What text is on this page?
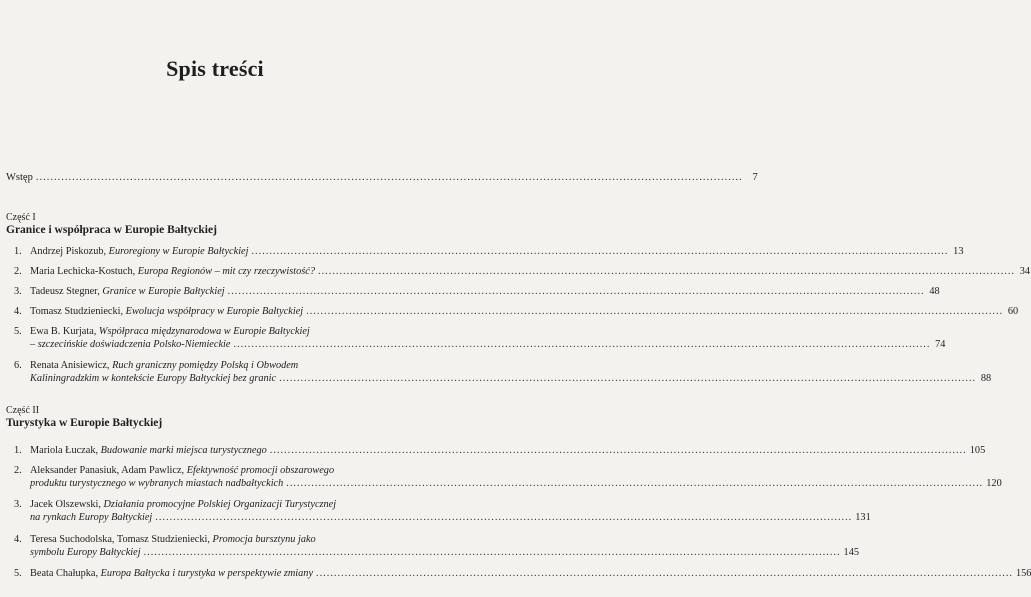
Spis treści
Wstęp .....	7
Część I
Granice i współpraca w Europie Bałtyckiej
1. Andrzej Piskozub, Euroregiony w Europie Bałtyckiej .....	13
2. Maria Lechicka-Kostuch, Europa Regionów – mit czy rzeczywistość? .....	34
3. Tadeusz Stegner, Granice w Europie Bałtyckiej .....	48
4. Tomasz Studzieniecki, Ewolucja współpracy w Europie Bałtyckiej .....	60
5. Ewa B. Kurjata, Współpraca międzynarodowa w Europie Bałtyckiej
– szczecińskie doświadczenia Polsko-Niemieckie .....	74
6. Renata Anisiewicz, Ruch graniczny pomiędzy Polską i Obwodem
Kaliningradzkim w kontekście Europy Bałtyckiej bez granic .....	88
Część II
Turystyka w Europie Bałtyckiej
1. Mariola Łuczak, Budowanie marki miejsca turystycznego .....	105
2. Aleksander Panasiuk, Adam Pawlicz, Efektywność promocji obszarowego
produktu turystycznego w wybranych miastach nadbałtyckich .....	120
3. Jacek Olszewski, Działania promocyjne Polskiej Organizacji Turystycznej
na rynkach Europy Bałtyckiej .....	131
4. Teresa Suchodolska, Tomasz Studzieniecki, Promocja bursztynu jako
symbolu Europy Bałtyckiej .....	145
5. Beata Chałupka, Europa Bałtycka i turystyka w perspektywie zmiany .....	156
